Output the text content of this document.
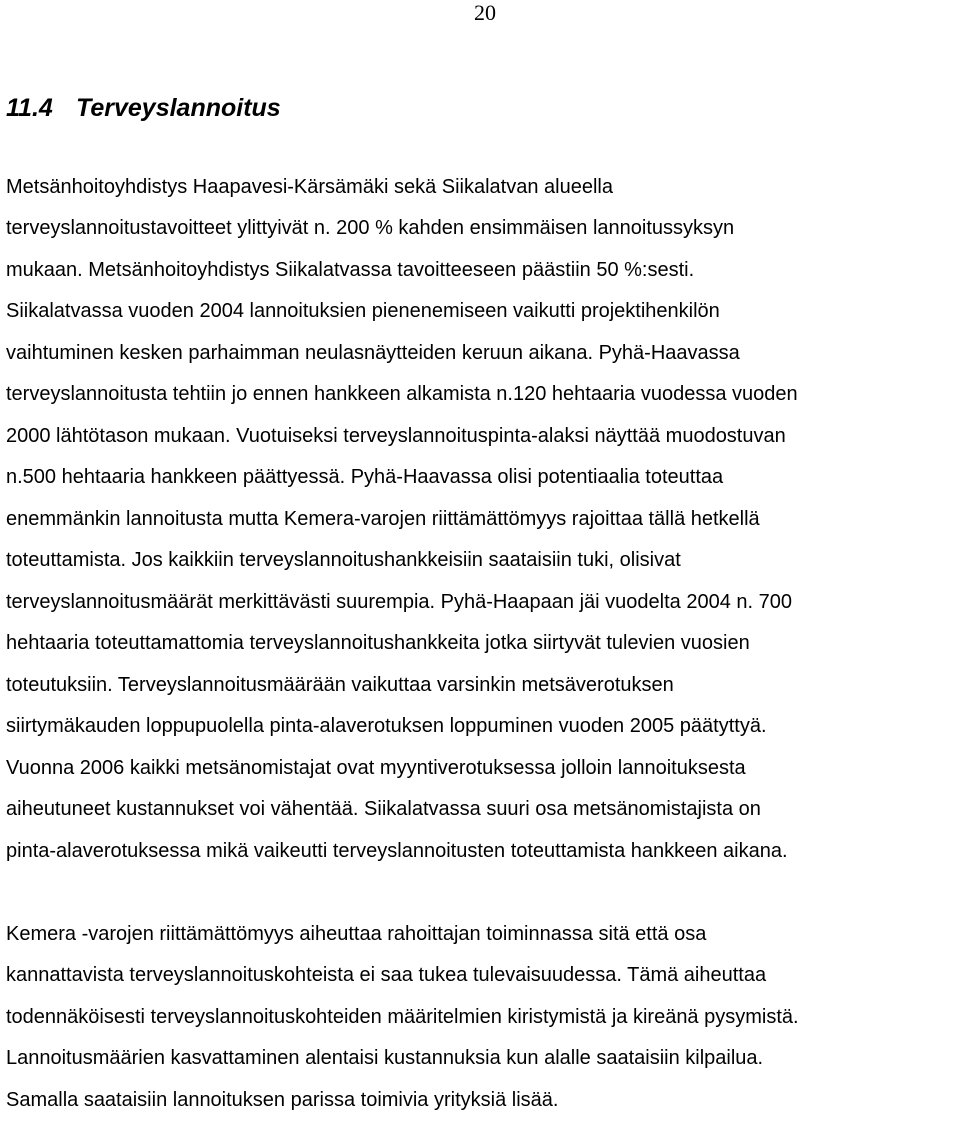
20
11.4 Terveyslannoitus

Metsänhoitoyhdistys Haapavesi-Kärsämäki sekä Siikalatvan alueella

terveyslannoitustavoitteet ylittyivät n. 200 % kahden ensimmäisen lannoitussyksyn

mukaan. Metsänhoitoyhdistys Siikalatvassa tavoitteeseen päästiin 50 %:sesti.

Siikalatvassa vuoden 2004 lannoituksien pienenemiseen vaikutti projektihenkilön

vaihtuminen kesken parhaimman neulasnäytteiden keruun aikana. Pyhä-Haavassa

terveyslannoitusta tehtiin jo ennen hankkeen alkamista n.120 hehtaaria vuodessa vuoden

2000 lähtötason mukaan. Vuotuiseksi terveyslannoituspinta-alaksi näyttää muodostuvan

n.500 hehtaaria hankkeen päättyessä. Pyhä-Haavassa olisi potentiaalia toteuttaa

enemmänkin lannoitusta mutta Kemera-varojen riittämättömyys rajoittaa tällä hetkellä

toteuttamista. Jos kaikkiin terveyslannoitushankkeisiin saataisiin tuki, olisivat

terveyslannoitusmäärät merkittävästi suurempia. Pyhä-Haapaan jäi vuodelta 2004 n. 700

hehtaaria toteuttamattomia terveyslannoitushankkeita jotka siirtyvät tulevien vuosien

toteutuksiin. Terveyslannoitusmäärään vaikuttaa varsinkin metsäverotuksen

siirtymäkauden loppupuolella pinta-alaverotuksen loppuminen vuoden 2005 päätyttyä.

Vuonna 2006 kaikki metsänomistajat ovat myyntiverotuksessa jolloin lannoituksesta

aiheutuneet kustannukset voi vähentää. Siikalatvassa suuri osa metsänomistajista on

pinta-alaverotuksessa mikä vaikeutti terveyslannoitusten toteuttamista hankkeen aikana.

Kemera -varojen riittämättömyys aiheuttaa rahoittajan toiminnassa sitä että osa

kannattavista terveyslannoituskohteista ei saa tukea tulevaisuudessa. Tämä aiheuttaa

todennäköisesti terveyslannoituskohteiden määritelmien kiristymistä ja kireänä pysymistä.

Lannoitusmäärien kasvattaminen alentaisi kustannuksia kun alalle saataisiin kilpailua.

Samalla saataisiin lannoituksen parissa toimivia yrityksiä lisää.
